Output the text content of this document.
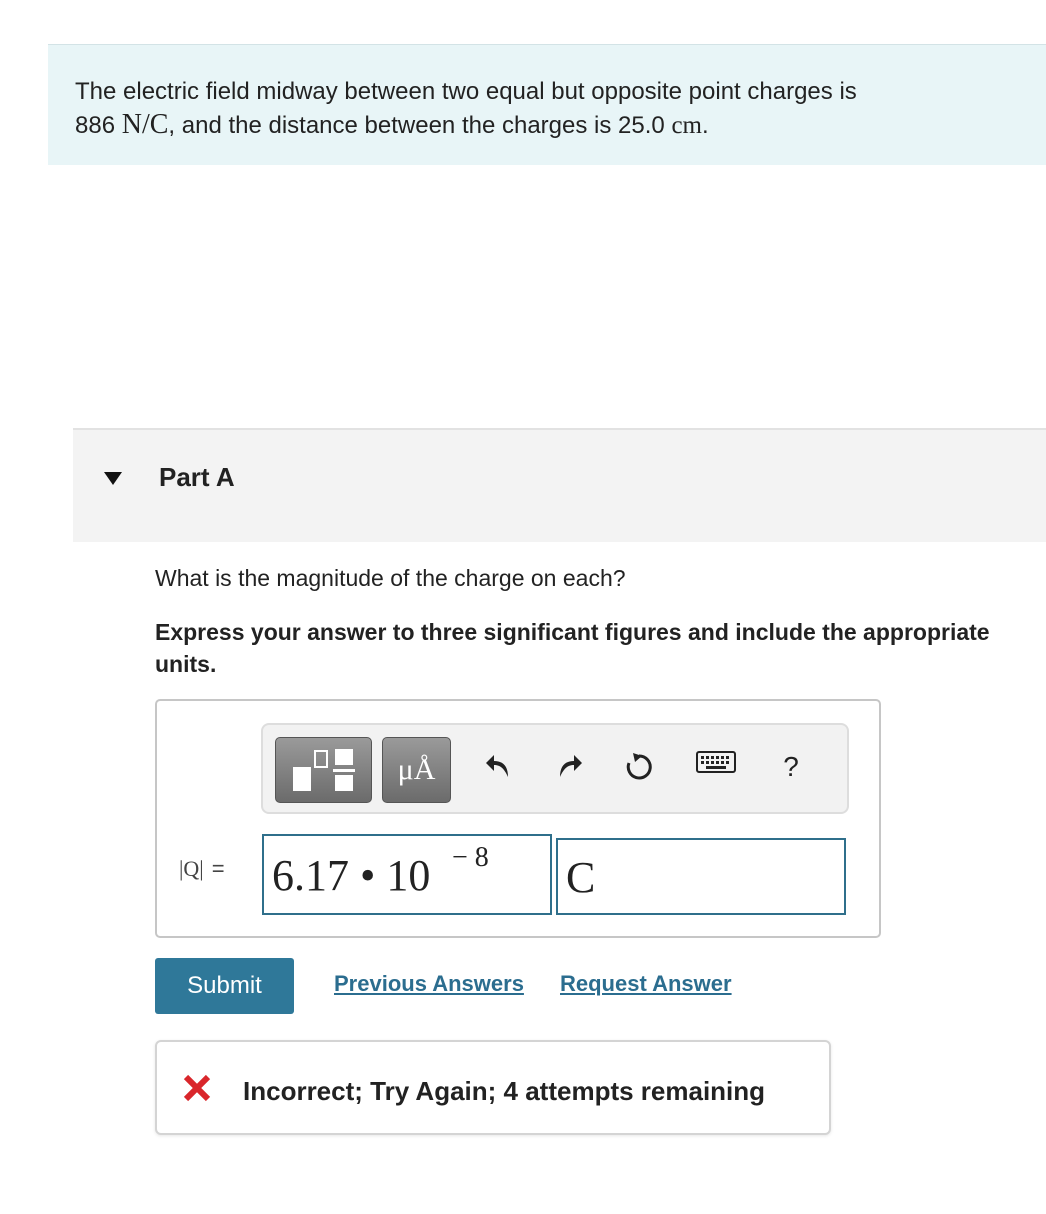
The electric field midway between two equal but opposite point charges is
886 N/C, and the distance between the charges is 25.0 cm.
Part A
What is the magnitude of the charge on each?
Express your answer to three significant figures and include the appropriate units.
μÅ	?
|Q| = 6.17 • 10 − 8 C
Submit	Previous Answers Request Answer
Incorrect; Try Again; 4 attempts remaining
